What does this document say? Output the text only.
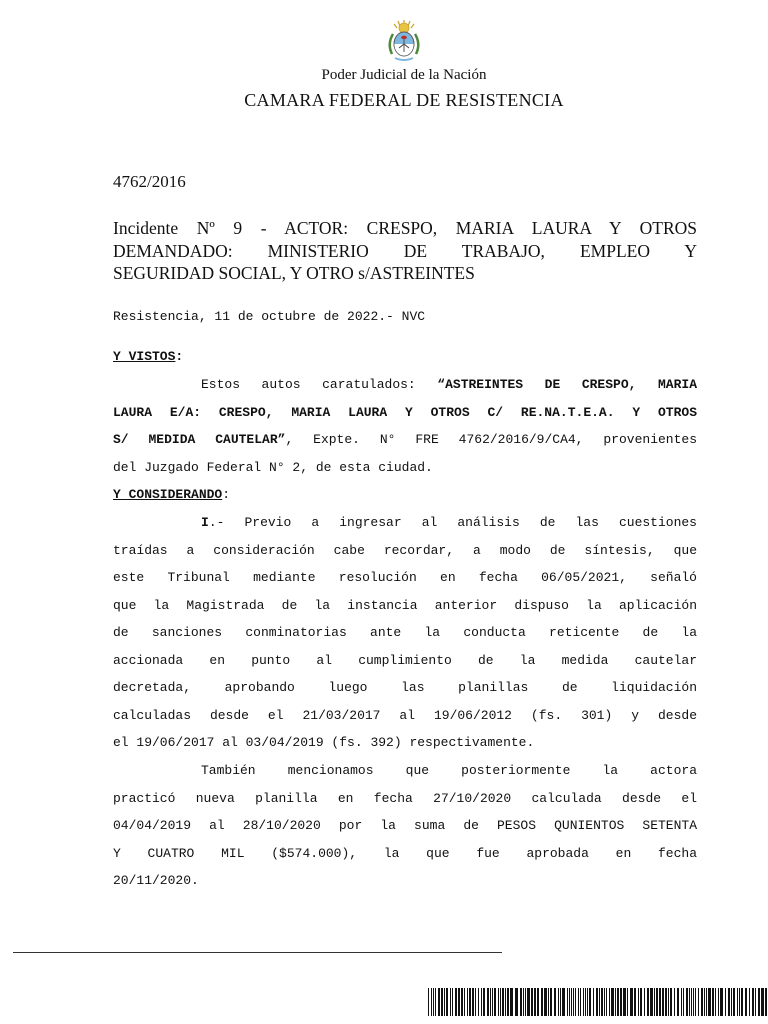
Poder Judicial de la Nación
CAMARA FEDERAL DE RESISTENCIA
4762/2016
Incidente Nº 9 - ACTOR: CRESPO, MARIA LAURA Y OTROS
DEMANDADO: MINISTERIO DE TRABAJO, EMPLEO Y
SEGURIDAD SOCIAL, Y OTRO s/ASTREINTES
Resistencia, 11 de octubre de 2022.- NVC
Y VISTOS:
Estos autos caratulados: “ASTREINTES DE CRESPO, MARIA
LAURA E/A: CRESPO, MARIA LAURA Y OTROS C/ RE.NA.T.E.A. Y OTROS
S/ MEDIDA CAUTELAR”, Expte. N° FRE 4762/2016/9/CA4, provenientes
del Juzgado Federal N° 2, de esta ciudad.
Y CONSIDERANDO:
I.- Previo a ingresar al análisis de las cuestiones
traídas a consideración cabe recordar, a modo de síntesis, que
este Tribunal mediante resolución en fecha 06/05/2021, señaló
que la Magistrada de la instancia anterior dispuso la aplicación
de sanciones conminatorias ante la conducta reticente de la
accionada en punto al cumplimiento de la medida cautelar
decretada, aprobando luego las planillas de liquidación
calculadas desde el 21/03/2017 al 19/06/2012 (fs. 301) y desde
el 19/06/2017 al 03/04/2019 (fs. 392) respectivamente.
También mencionamos que posteriormente la actora
practicó nueva planilla en fecha 27/10/2020 calculada desde el
04/04/2019 al 28/10/2020 por la suma de PESOS QUNIENTOS SETENTA
Y CUATRO MIL ($574.000), la que fue aprobada en fecha
20/11/2020.
